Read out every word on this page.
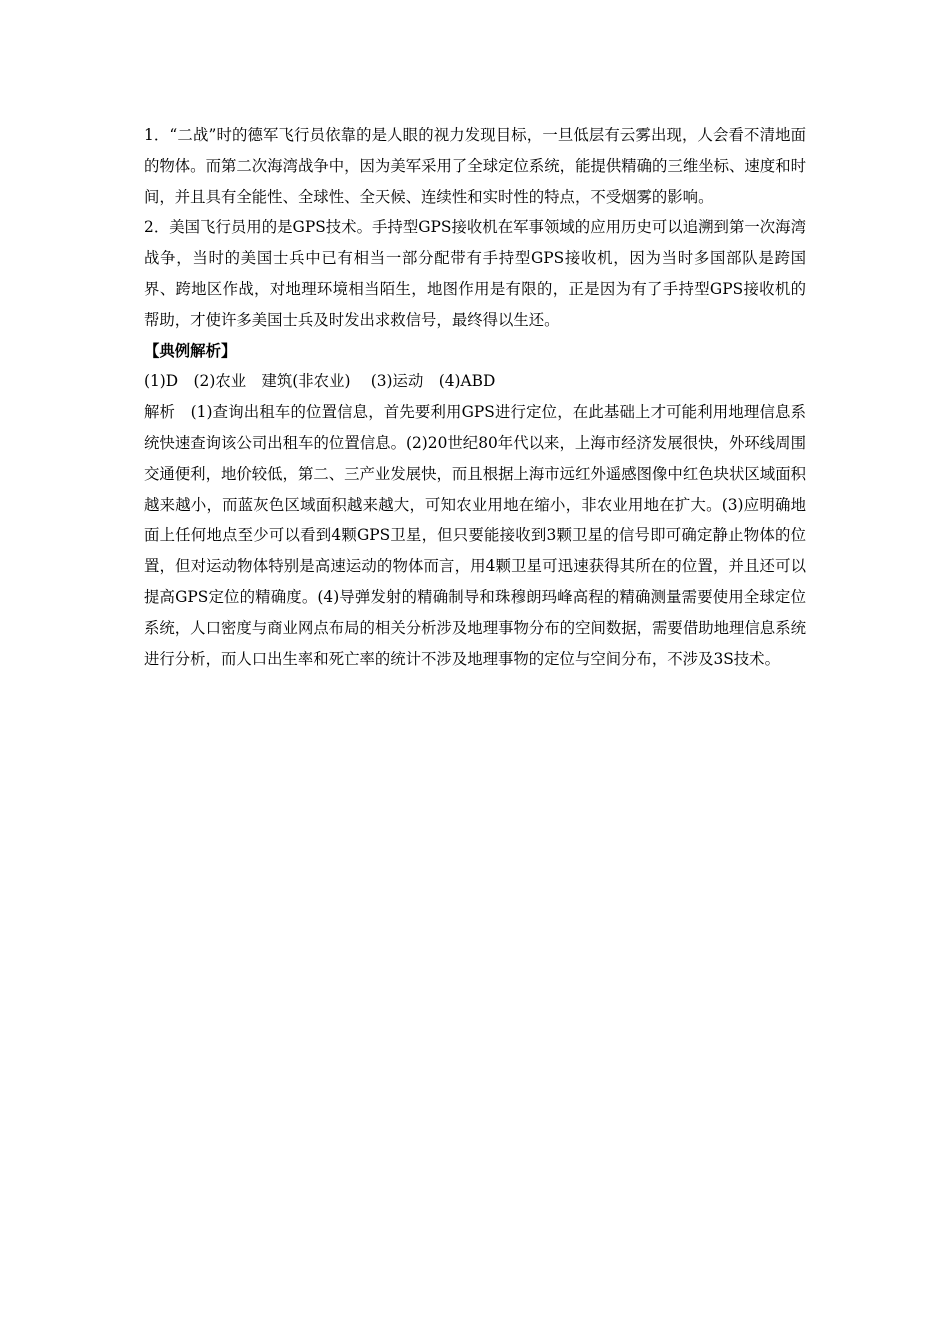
1．“二战”时的德军飞行员依靠的是人眼的视力发现目标，一旦低层有云雾出现，人会看不清地面的物体。而第二次海湾战争中，因为美军采用了全球定位系统，能提供精确的三维坐标、速度和时间，并且具有全能性、全球性、全天候、连续性和实时性的特点，不受烟雾的影响。

2．美国飞行员用的是GPS技术。手持型GPS接收机在军事领域的应用历史可以追溯到第一次海湾战争，当时的美国士兵中已有相当一部分配带有手持型GPS接收机，因为当时多国部队是跨国界、跨地区作战，对地理环境相当陌生，地图作用是有限的，正是因为有了手持型GPS接收机的帮助，才使许多美国士兵及时发出求救信号，最终得以生还。

【典例解析】

(1)D　(2)农业　建筑(非农业)　 (3)运动　(4)ABD

解析　(1)查询出租车的位置信息，首先要利用GPS进行定位，在此基础上才可能利用地理信息系统快速查询该公司出租车的位置信息。(2)20世纪80年代以来，上海市经济发展很快，外环线周围交通便利，地价较低，第二、三产业发展快，而且根据上海市远红外遥感图像中红色块状区域面积越来越小，而蓝灰色区域面积越来越大，可知农业用地在缩小，非农业用地在扩大。(3)应明确地面上任何地点至少可以看到4颗GPS卫星，但只要能接收到3颗卫星的信号即可确定静止物体的位置，但对运动物体特别是高速运动的物体而言，用4颗卫星可迅速获得其所在的位置，并且还可以提高GPS定位的精确度。(4)导弹发射的精确制导和珠穆朗玛峰高程的精确测量需要使用全球定位系统，人口密度与商业网点布局的相关分析涉及地理事物分布的空间数据，需要借助地理信息系统进行分析，而人口出生率和死亡率的统计不涉及地理事物的定位与空间分布，不涉及3S技术。
